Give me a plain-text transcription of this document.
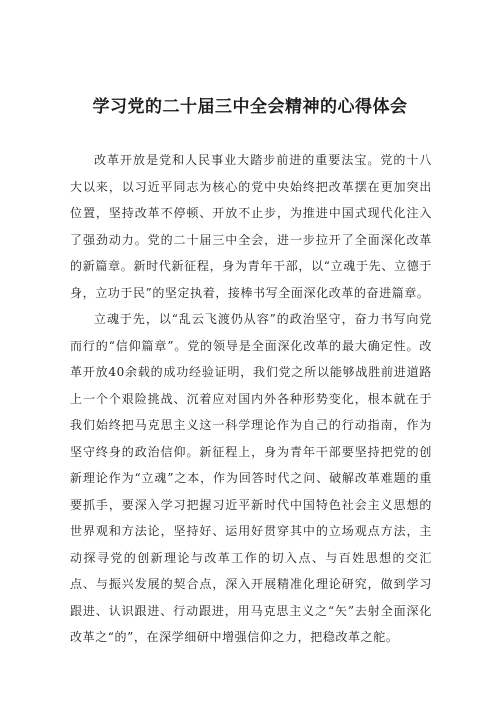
学习党的二十届三中全会精神的心得体会

改革开放是党和人民事业大踏步前进的重要法宝。党的十八大以来，以习近平同志为核心的党中央始终把改革摆在更加突出位置，坚持改革不停顿、开放不止步，为推进中国式现代化注入了强劲动力。党的二十届三中全会，进一步拉开了全面深化改革的新篇章。新时代新征程，身为青年干部，以“立魂于先、立德于身，立功于民”的坚定执着，接棒书写全面深化改革的奋进篇章。

立魂于先，以“乱云飞渡仍从容”的政治坚守，奋力书写向党而行的“信仰篇章”。党的领导是全面深化改革的最大确定性。改革开放40余载的成功经验证明，我们党之所以能够战胜前进道路上一个个艰险挑战、沉着应对国内外各种形势变化，根本就在于我们始终把马克思主义这一科学理论作为自己的行动指南，作为坚守终身的政治信仰。新征程上，身为青年干部要坚持把党的创新理论作为“立魂”之本，作为回答时代之问、破解改革难题的重要抓手，要深入学习把握习近平新时代中国特色社会主义思想的世界观和方法论，坚持好、运用好贯穿其中的立场观点方法，主动探寻党的创新理论与改革工作的切入点、与百姓思想的交汇点、与振兴发展的契合点，深入开展精准化理论研究，做到学习跟进、认识跟进、行动跟进，用马克思主义之“矢”去射全面深化改革之“的”，在深学细研中增强信仰之力，把稳改革之舵。
